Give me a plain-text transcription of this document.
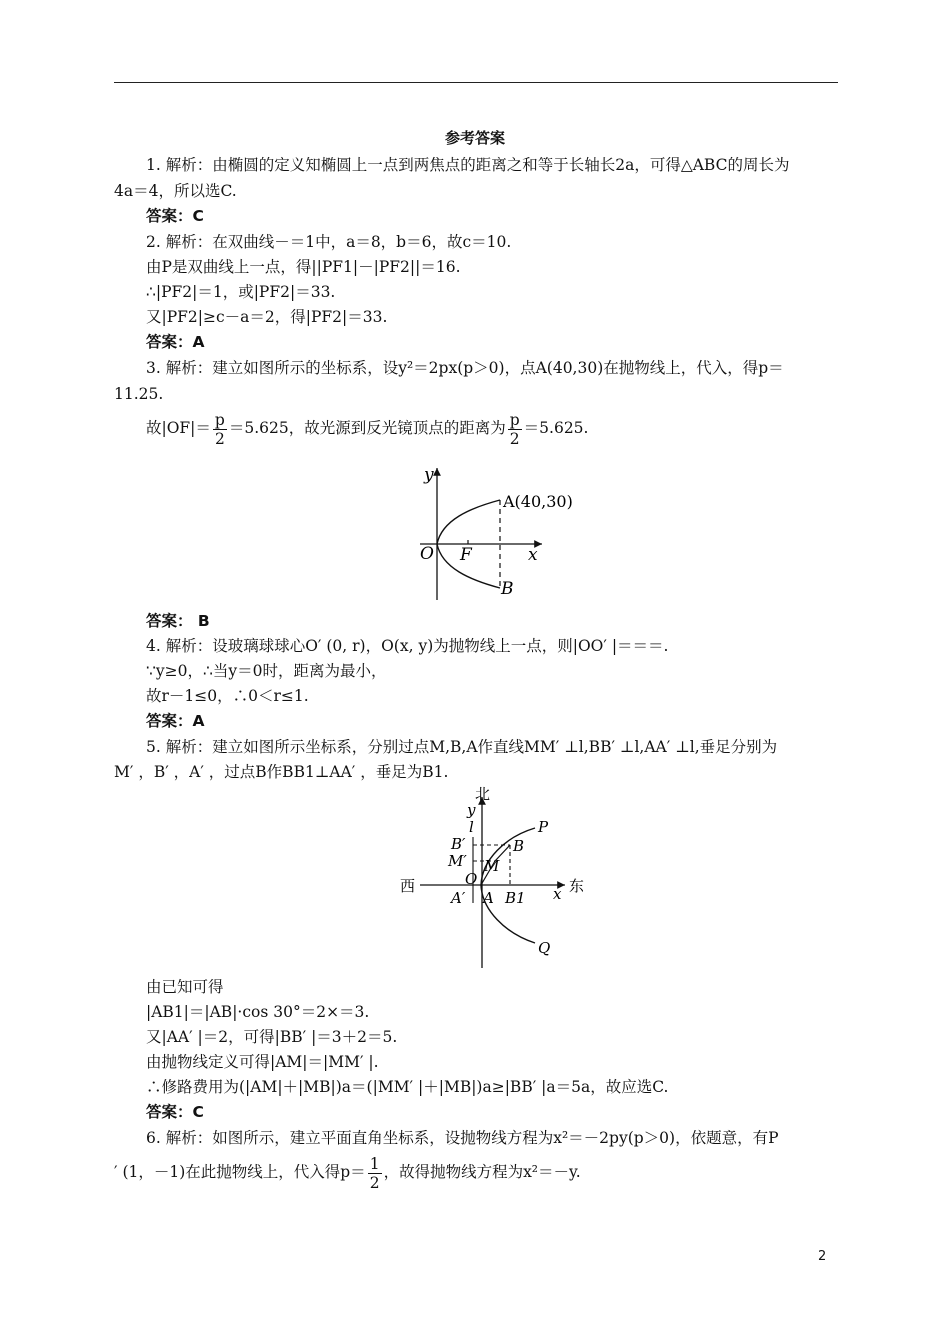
参考答案
1. 解析：由椭圆的定义知椭圆上一点到两焦点的距离之和等于长轴长2a，可得△ABC的周长为
4a＝4，所以选C.
答案：C
2. 解析：在双曲线－＝1中，a＝8，b＝6，故c＝10.
由P是双曲线上一点，得||PF1|－|PF2||＝16.
∴|PF2|＝1，或|PF2|＝33.
又|PF2|≥c－a＝2，得|PF2|＝33.
答案：A
3. 解析：建立如图所示的坐标系，设y²＝2px(p＞0)，点A(40,30)在抛物线上，代入，得p＝
11.25.
故$|OF|= \frac{p}{2} =5.625$，故光源到反光镜顶点的距离为 $\frac{p}{2} =5.625$.
y
A(40,30)
O F	x
B
答案： B
4. 解析：设玻璃球球心O′ (0, r)，O(x, y)为抛物线上一点，则|OO′ |＝＝＝.
∵y≥0，∴当y＝0时，距离为最小，
故r－1≤0，∴0＜r≤1.
答案：A
5. 解析：建立如图所示坐标系，分别过点M,B,A作直线MM′ ⊥l,BB′ ⊥l,AA′ ⊥l,垂足分别为
M′ ，B′ ，A′ ，过点B作BB1⊥AA′ ，垂足为B1.
北
y
l	P
B′	B
M′ M
西	O	东
x
A′ A B1
Q
由已知可得
|AB1|＝|AB|·cos 30°＝2×＝3.
又|AA′ |＝2，可得|BB′ |＝3＋2＝5.
由抛物线定义可得|AM|＝|MM′ |.
∴修路费用为(|AM|＋|MB|)a＝(|MM′ |＋|MB|)a≥|BB′ |a＝5a，故应选C.
答案：C
6. 解析：如图所示，建立平面直角坐标系，设抛物线方程为x²＝－2py(p＞0)，依题意，有P
′ (1，－1)在此抛物线上，代入得$p= \frac{1}{2}$ ，故得抛物线方程为x²＝－y.
2
